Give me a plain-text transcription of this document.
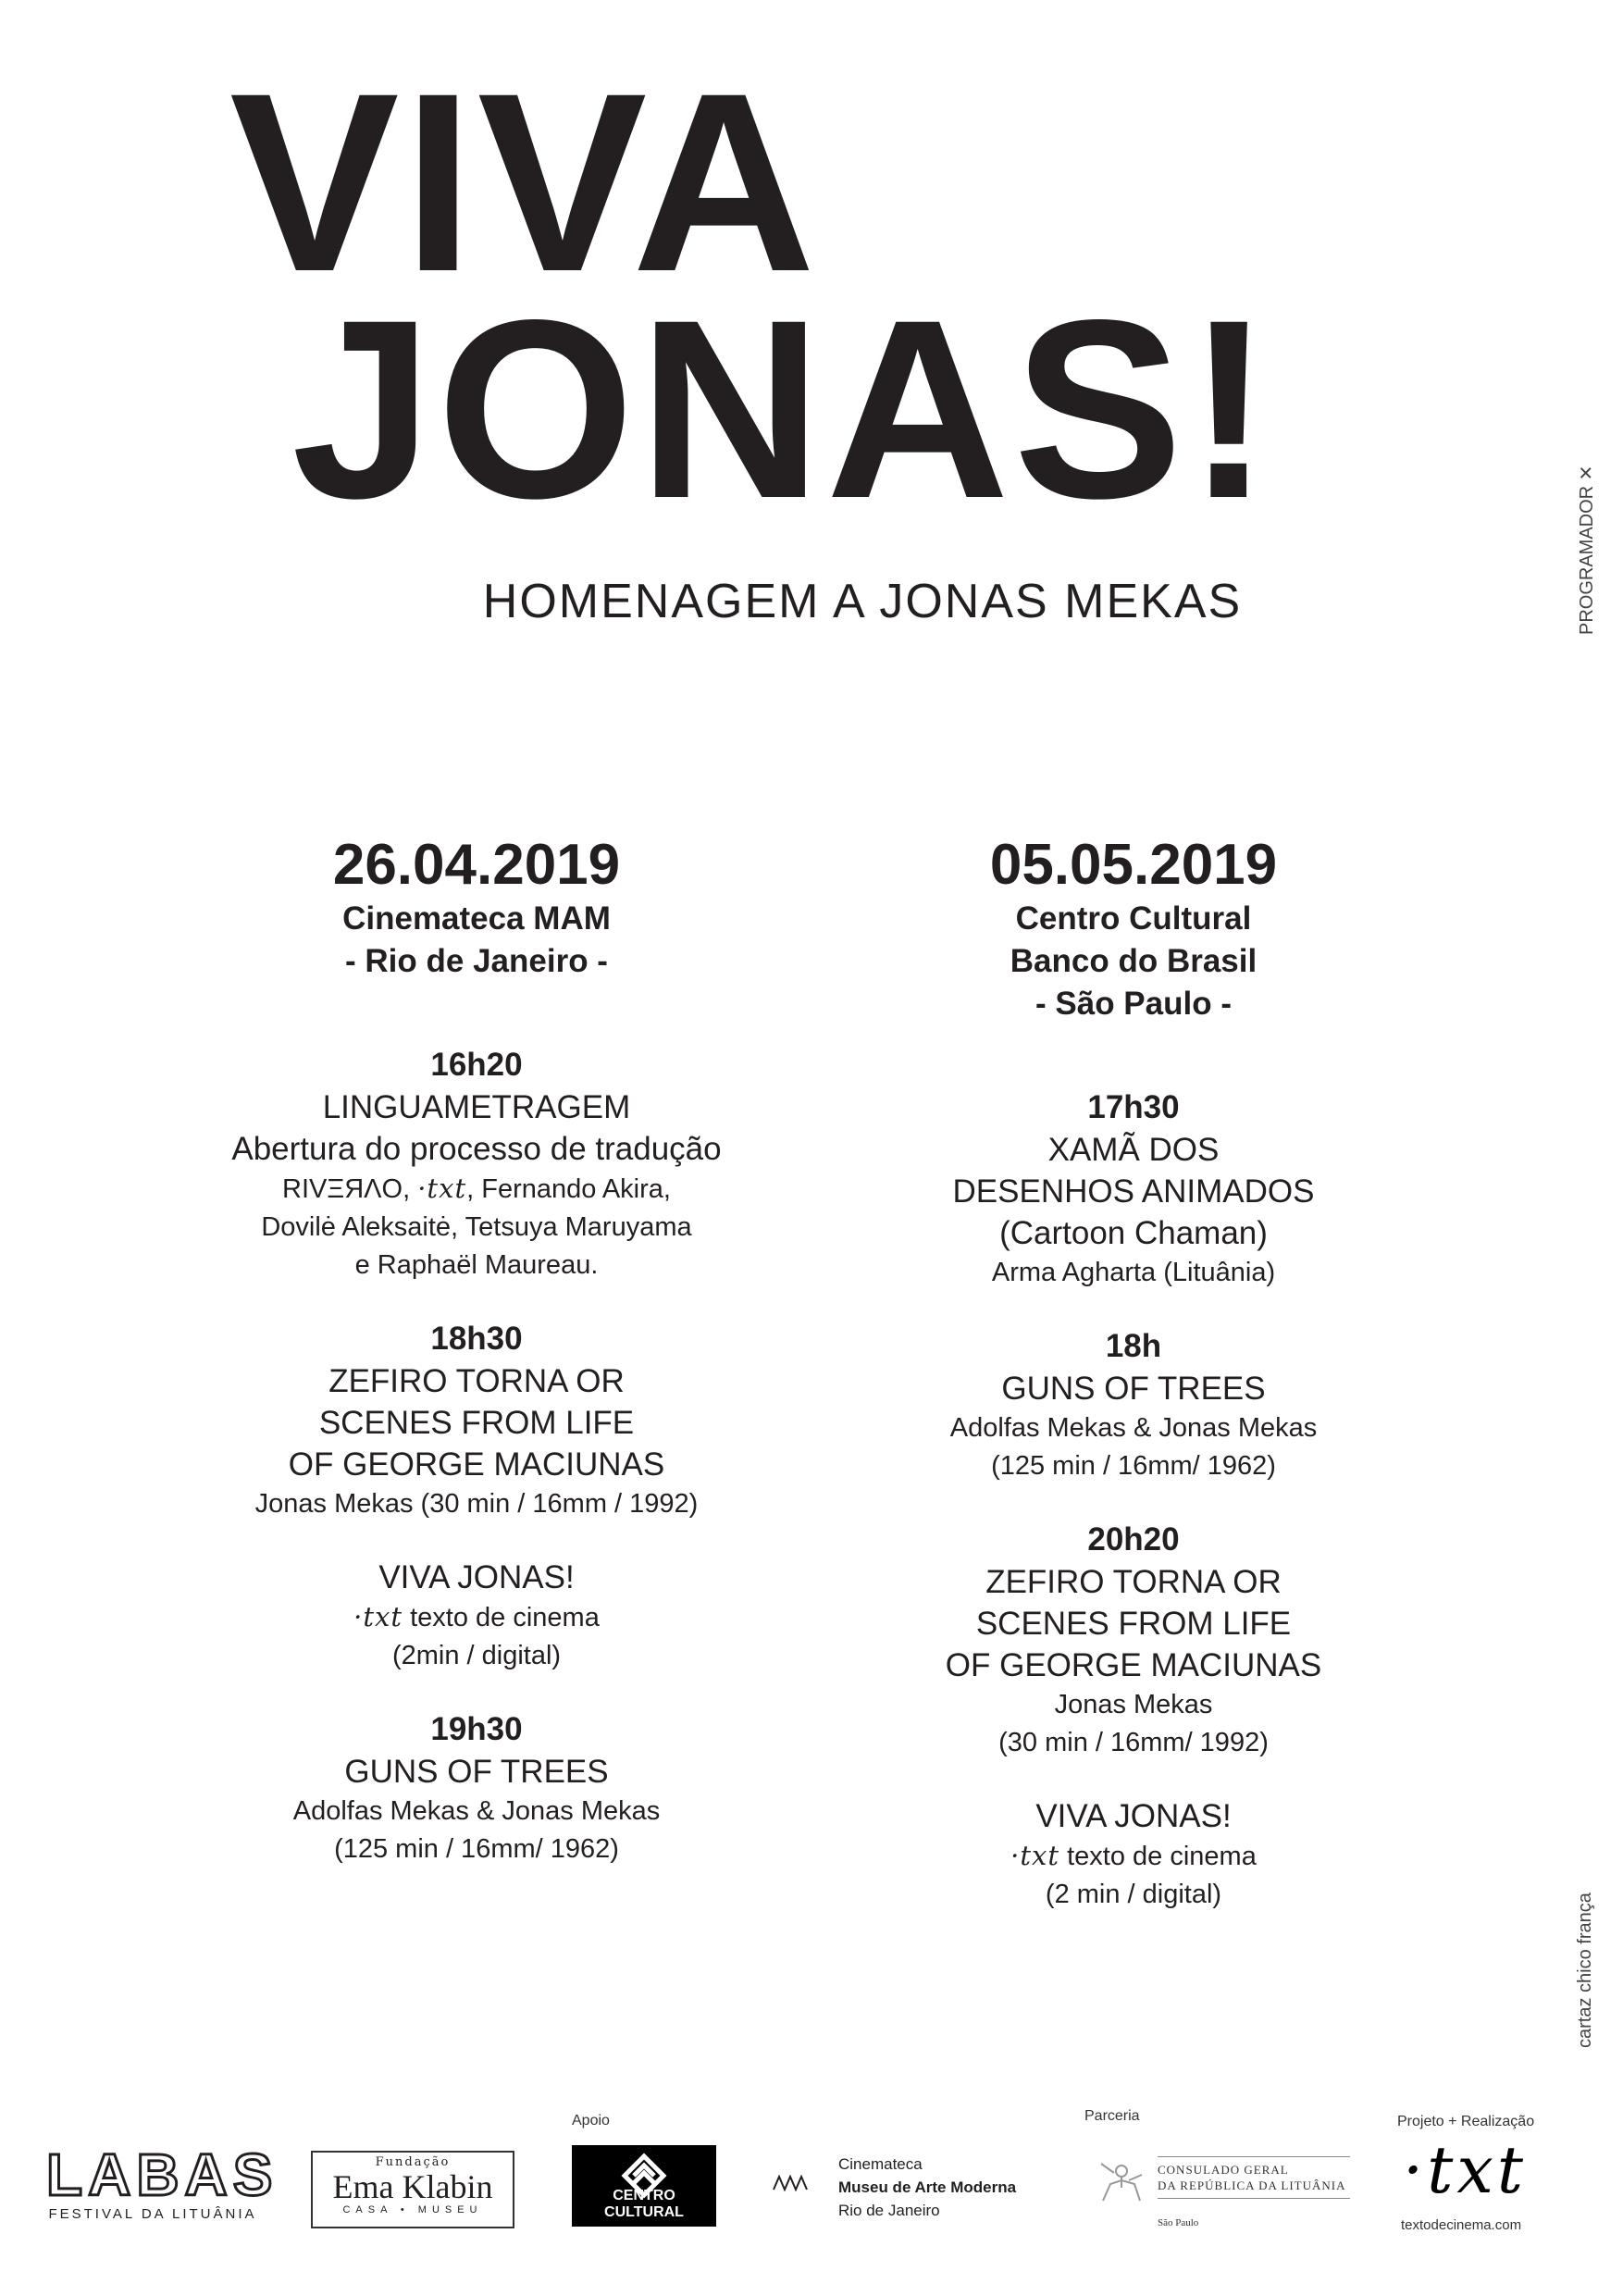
VIVA
JONAS!
HOMENAGEM A JONAS MEKAS	PROGRAMADOR ✕
cartaz chico frança
26.04.2019
Cinemateca MAM
- Rio de Janeiro -
16h20
LINGUAMETRAGEM
Abertura do processo de tradução
RIVΞЯΛO, ·txt, Fernando Akira,
Dovilė Aleksaitė, Tetsuya Maruyama
e Raphaël Maureau.
18h30
ZEFIRO TORNA OR
SCENES FROM LIFE
OF GEORGE MACIUNAS
Jonas Mekas (30 min / 16mm / 1992)
VIVA JONAS!
·txt texto de cinema
(2min / digital)
19h30
GUNS OF TREES
Adolfas Mekas & Jonas Mekas
(125 min / 16mm/ 1962)
05.05.2019
Centro Cultural
Banco do Brasil
- São Paulo -
17h30
XAMÃ DOS
DESENHOS ANIMADOS
(Cartoon Chaman)
Arma Agharta (Lituânia)
18h
GUNS OF TREES
Adolfas Mekas & Jonas Mekas
(125 min / 16mm/ 1962)
20h20
ZEFIRO TORNA OR
SCENES FROM LIFE
OF GEORGE MACIUNAS
Jonas Mekas
(30 min / 16mm/ 1992)
VIVA JONAS!
·txt texto de cinema
(2 min / digital)
LABAS
FESTIVAL DA LITUÂNIA
Fundação
Ema Klabin
CASA • MUSEU
Apoio
CENTRO CULTURAL
Cinemateca
Museu de Arte Moderna
Rio de Janeiro
Parceria
CONSULADO GERAL
DA REPÚBLICA DA LITUÂNIA
São Paulo
Projeto + Realização
·txt
textodecinema.com
